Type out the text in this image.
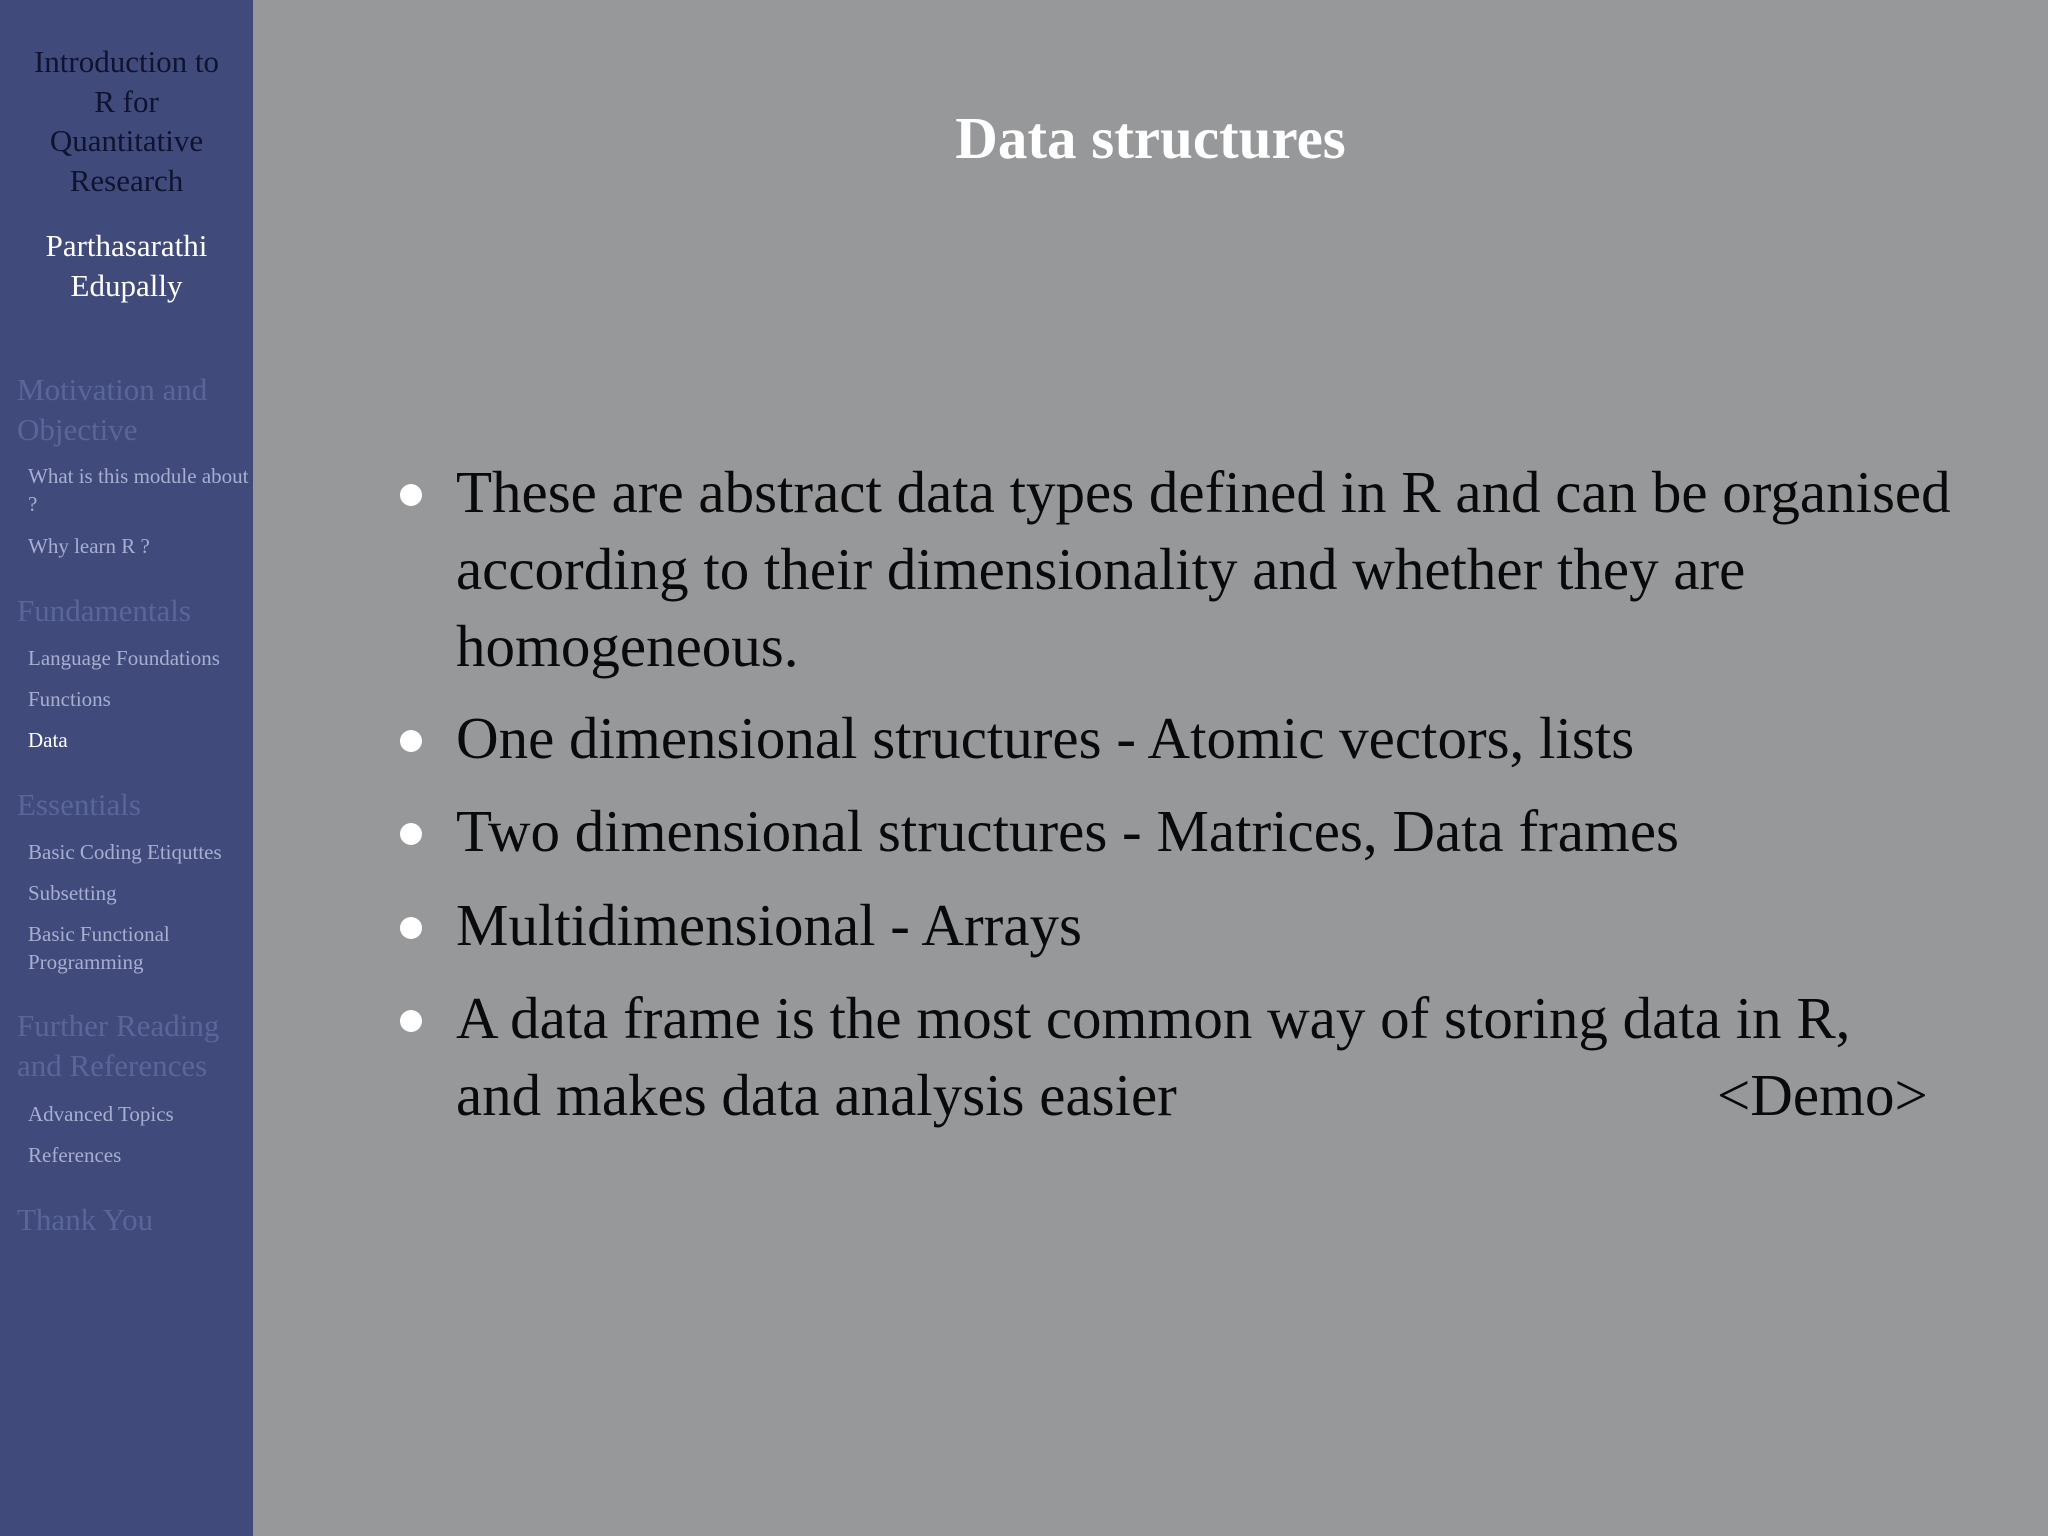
Introduction to R for Quantitative Research
Parthasarathi Edupally
Motivation and Objective
What is this module about ?
Why learn R ?
Fundamentals
Language Foundations
Functions
Data
Essentials
Basic Coding Etiquttes
Subsetting
Basic Functional Programming
Further Reading and References
Advanced Topics
References
Thank You
Data structures
These are abstract data types defined in R and can be organised according to their dimensionality and whether they are homogeneous.
One dimensional structures - Atomic vectors, lists
Two dimensional structures - Matrices, Data frames
Multidimensional - Arrays
A data frame is the most common way of storing data in R, and makes data analysis easier	<Demo>
